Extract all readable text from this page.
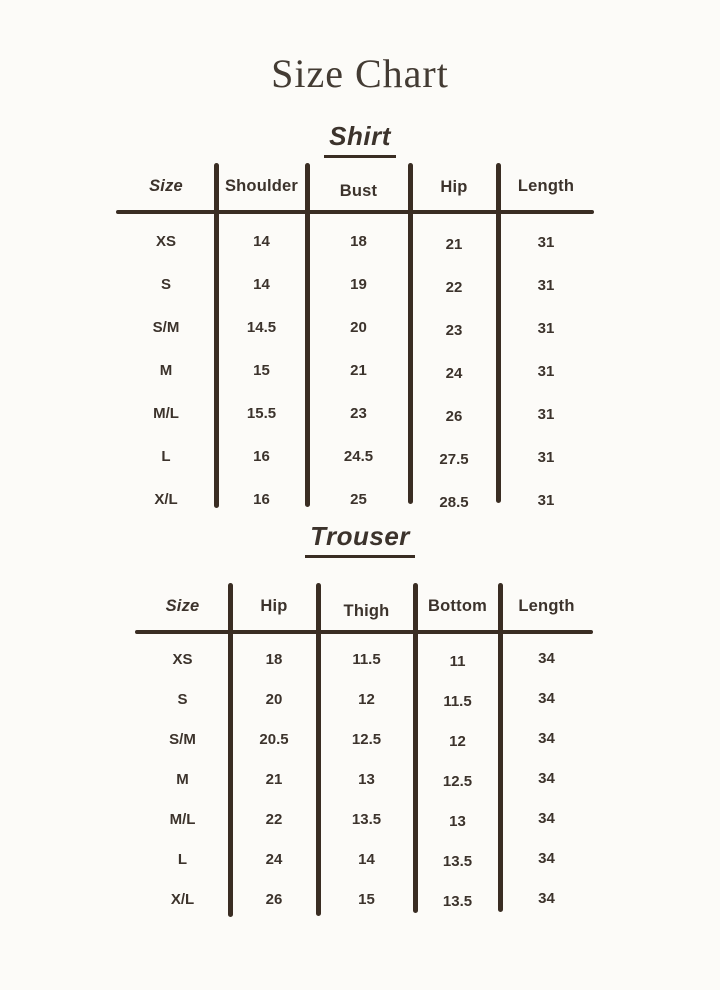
Size Chart
Shirt
Size	Shoulder	Bust	Hip	Length
XS	14	18	21	31
S	14	19	22	31
S/M	14.5	20	23	31
M	15	21	24	31
M/L	15.5	23	26	31
L	16	24.5	27.5	31
X/L	16	25	28.5	31
Trouser
Size	Hip	Thigh	Bottom	Length
XS	18	11.5	11	34
S	20	12	11.5	34
S/M	20.5	12.5	12	34
M	21	13	12.5	34
M/L	22	13.5	13	34
L	24	14	13.5	34
X/L	26	15	13.5	34
